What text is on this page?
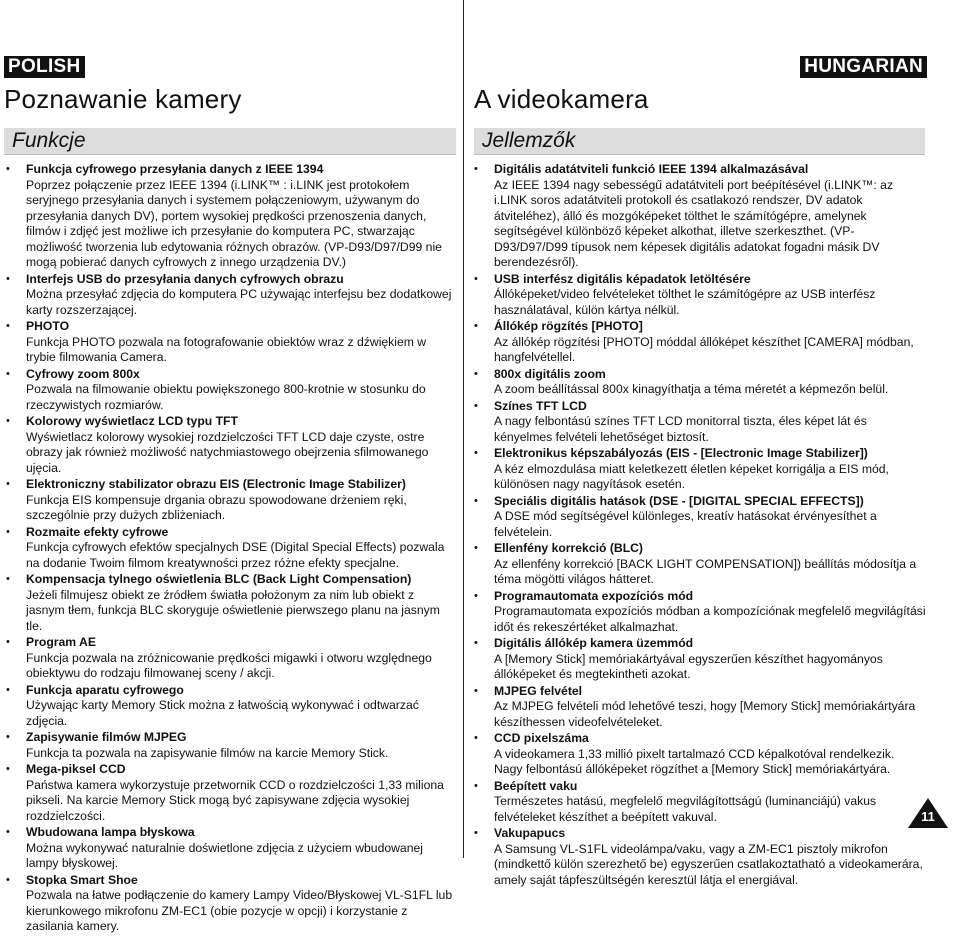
POLISH	HUNGARIAN
Poznawanie kamery	A videokamera
Funkcje	Jellemzők
• Funkcja cyfrowego przesyłania danych z IEEE 1394
Poprzez połączenie przez IEEE 1394 (i.LINK™ : i.LINK jest protokołem seryjnego przesyłania danych i systemem połączeniowym, używanym do przesyłania danych DV), portem wysokiej prędkości przenoszenia danych, filmów i zdjęć jest możliwe ich przesyłanie do komputera PC, stwarzając możliwość tworzenia lub edytowania różnych obrazów. (VP-D93/D97/D99 nie mogą pobierać danych cyfrowych z innego urządzenia DV.)
• Interfejs USB do przesyłania danych cyfrowych obrazu
Można przesyłać zdjęcia do komputera PC używając interfejsu bez dodatkowej karty rozszerzającej.
• PHOTO
Funkcja PHOTO pozwala na fotografowanie obiektów wraz z dźwiękiem w trybie filmowania Camera.
• Cyfrowy zoom 800x
Pozwala na filmowanie obiektu powiększonego 800-krotnie w stosunku do rzeczywistych rozmiarów.
• Kolorowy wyświetlacz LCD typu TFT
Wyświetlacz kolorowy wysokiej rozdzielczości TFT LCD daje czyste, ostre obrazy jak również możliwość natychmiastowego obejrzenia sfilmowanego ujęcia.
• Elektroniczny stabilizator obrazu EIS (Electronic Image Stabilizer)
Funkcja EIS kompensuje drgania obrazu spowodowane drżeniem ręki, szczególnie przy dużych zbliżeniach.
• Rozmaite efekty cyfrowe
Funkcja cyfrowych efektów specjalnych DSE (Digital Special Effects) pozwala na dodanie Twoim filmom kreatywności przez różne efekty specjalne.
• Kompensacja tylnego oświetlenia BLC (Back Light Compensation)
Jeżeli filmujesz obiekt ze źródłem światła położonym za nim lub obiekt z jasnym tłem, funkcja BLC skoryguje oświetlenie pierwszego planu na jasnym tle.
• Program AE
Funkcja pozwala na zróżnicowanie prędkości migawki i otworu względnego obiektywu do rodzaju filmowanej sceny / akcji.
• Funkcja aparatu cyfrowego
Używając karty Memory Stick można z łatwością wykonywać i odtwarzać zdjęcia.
• Zapisywanie filmów MJPEG
Funkcja ta pozwala na zapisywanie filmów na karcie Memory Stick.
• Mega-piksel CCD
Państwa kamera wykorzystuje przetwornik CCD o rozdzielczości 1,33 miliona pikseli. Na karcie Memory Stick mogą być zapisywane zdjęcia wysokiej rozdzielczości.
• Wbudowana lampa błyskowa
Można wykonywać naturalnie doświetlone zdjęcia z użyciem wbudowanej lampy błyskowej.
• Stopka Smart Shoe
Pozwala na łatwe podłączenie do kamery Lampy Video/Błyskowej VL-S1FL lub kierunkowego mikrofonu ZM-EC1 (obie pozycje w opcji) i korzystanie z zasilania kamery.
• Digitális adatátviteli funkció IEEE 1394 alkalmazásával
Az IEEE 1394 nagy sebességű adatátviteli port beépítésével (i.LINK™: az i.LINK soros adatátviteli protokoll és csatlakozó rendszer, DV adatok átviteléhez), álló és mozgóképeket tölthet le számítógépre, amelynek segítségével különböző képeket alkothat, illetve szerkeszthet. (VP-D93/D97/D99 típusok nem képesek digitális adatokat fogadni másik DV berendezésről).
• USB interfész digitális képadatok letöltésére
Állóképeket/video felvételeket tölthet le számítógépre az USB interfész használatával, külön kártya nélkül.
• Állókép rögzítés [PHOTO]
Az állókép rögzítési [PHOTO] móddal állóképet készíthet [CAMERA] módban, hangfelvétellel.
• 800x digitális zoom
A zoom beállítással 800x kinagyíthatja a téma méretét a képmezőn belül.
• Színes TFT LCD
A nagy felbontású színes TFT LCD monitorral tiszta, éles képet lát és kényelmes felvételi lehetőséget biztosít.
• Elektronikus képszabályozás (EIS - [Electronic Image Stabilizer])
A kéz elmozdulása miatt keletkezett életlen képeket korrigálja a EIS mód, különösen nagy nagyítások esetén.
• Speciális digitális hatások (DSE - [DIGITAL SPECIAL EFFECTS])
A DSE mód segítségével különleges, kreatív hatásokat érvényesíthet a felvételein.
• Ellenfény korrekció (BLC)
Az ellenfény korrekció [BACK LIGHT COMPENSATION]) beállítás módosítja a téma mögötti világos hátteret.
• Programautomata expozíciós mód
Programautomata expozíciós módban a kompozíciónak megfelelő megvilágítási időt és rekeszértéket alkalmazhat.
• Digitális állókép kamera üzemmód
A [Memory Stick] memóriakártyával egyszerűen készíthet hagyományos állóképeket és megtekintheti azokat.
• MJPEG felvétel
Az MJPEG felvételi mód lehetővé teszi, hogy [Memory Stick] memóriakártyára készíthessen videofelvételeket.
• CCD pixelszáma
A videokamera 1,33 millió pixelt tartalmazó CCD képalkotóval rendelkezik. Nagy felbontású állóképeket rögzíthet a [Memory Stick] memóriakártyára.
• Beépített vaku
Természetes hatású, megfelelő megvilágítottságú (luminanciájú) vakus felvételeket készíthet a beépített vakuval.
• Vakupapucs
A Samsung VL-S1FL videolámpa/vaku, vagy a ZM-EC1 pisztoly mikrofon (mindkettő külön szerezhető be) egyszerűen csatlakoztatható a videokamerára, amely saját tápfeszültségén keresztül látja el energiával.
11
